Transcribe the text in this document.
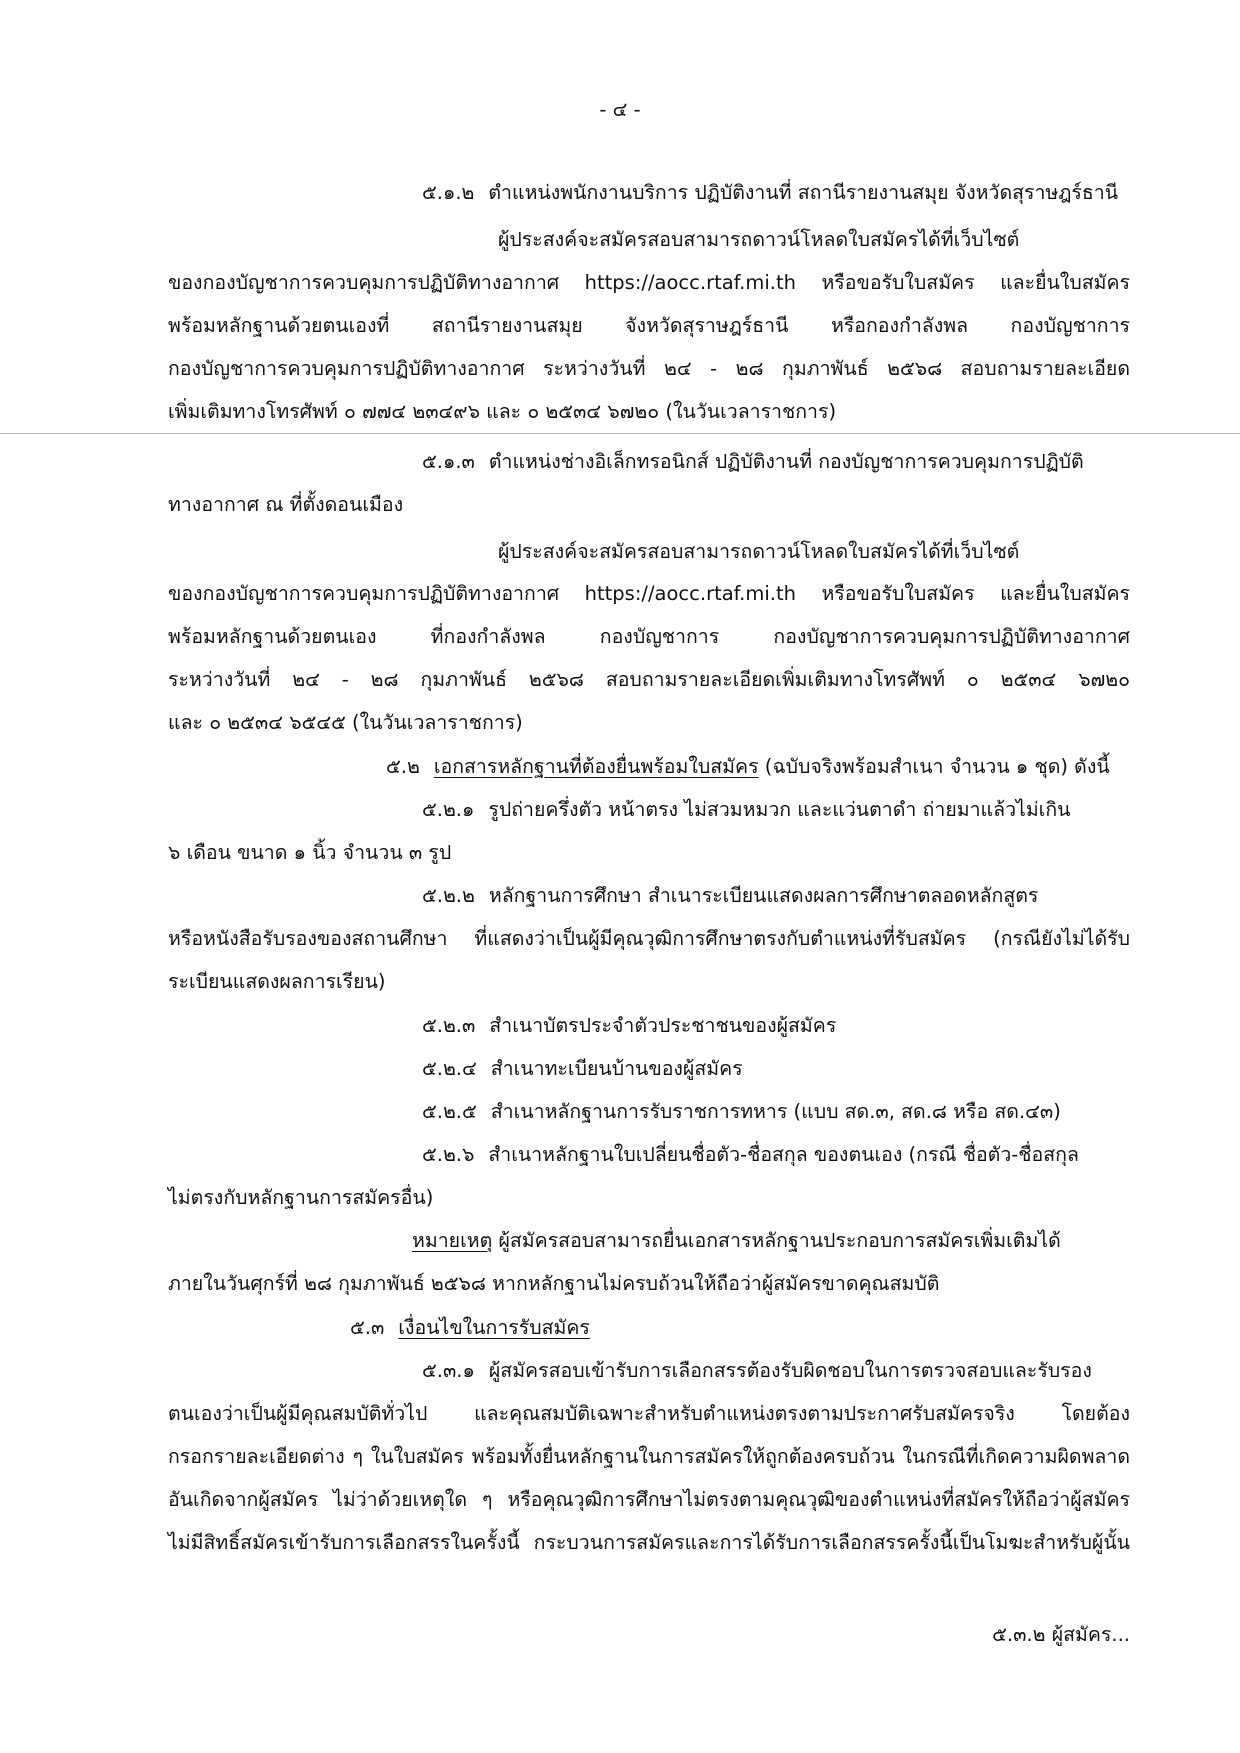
- ๔ -
๕.๑.๒ ตำแหน่งพนักงานบริการ ปฏิบัติงานที่ สถานีรายงานสมุย จังหวัดสุราษฎร์ธานี
ผู้ประสงค์จะสมัครสอบสามารถดาวน์โหลดใบสมัครได้ที่เว็บไซต์
ของกองบัญชาการควบคุมการปฏิบัติทางอากาศ https://aocc.rtaf.mi.th หรือขอรับใบสมัคร และยื่นใบสมัคร
พร้อมหลักฐานด้วยตนเองที่ สถานีรายงานสมุย จังหวัดสุราษฎร์ธานี หรือกองกำลังพล กองบัญชาการ
กองบัญชาการควบคุมการปฏิบัติทางอากาศ ระหว่างวันที่ ๒๔ - ๒๘ กุมภาพันธ์ ๒๕๖๘ สอบถามรายละเอียด
เพิ่มเติมทางโทรศัพท์ ๐ ๗๗๔ ๒๓๔๙๖ และ ๐ ๒๕๓๔ ๖๗๒๐ (ในวันเวลาราชการ)
๕.๑.๓ ตำแหน่งช่างอิเล็กทรอนิกส์ ปฏิบัติงานที่ กองบัญชาการควบคุมการปฏิบัติ
ทางอากาศ ณ ที่ตั้งดอนเมือง
ผู้ประสงค์จะสมัครสอบสามารถดาวน์โหลดใบสมัครได้ที่เว็บไซต์
ของกองบัญชาการควบคุมการปฏิบัติทางอากาศ https://aocc.rtaf.mi.th หรือขอรับใบสมัคร และยื่นใบสมัคร
พร้อมหลักฐานด้วยตนเอง ที่กองกำลังพล กองบัญชาการ กองบัญชาการควบคุมการปฏิบัติทางอากาศ
ระหว่างวันที่ ๒๔ - ๒๘ กุมภาพันธ์ ๒๕๖๘ สอบถามรายละเอียดเพิ่มเติมทางโทรศัพท์ ๐ ๒๕๓๔ ๖๗๒๐
และ ๐ ๒๕๓๔ ๖๕๔๕ (ในวันเวลาราชการ)
๕.๒ เอกสารหลักฐานที่ต้องยื่นพร้อมใบสมัคร (ฉบับจริงพร้อมสำเนา จำนวน ๑ ชุด) ดังนี้
๕.๒.๑ รูปถ่ายครึ่งตัว หน้าตรง ไม่สวมหมวก และแว่นตาดำ ถ่ายมาแล้วไม่เกิน
๖ เดือน ขนาด ๑ นิ้ว จำนวน ๓ รูป
๕.๒.๒ หลักฐานการศึกษา สำเนาระเบียนแสดงผลการศึกษาตลอดหลักสูตร
หรือหนังสือรับรองของสถานศึกษา ที่แสดงว่าเป็นผู้มีคุณวุฒิการศึกษาตรงกับตำแหน่งที่รับสมัคร (กรณียังไม่ได้รับ
ระเบียนแสดงผลการเรียน)
๕.๒.๓ สำเนาบัตรประจำตัวประชาชนของผู้สมัคร
๕.๒.๔ สำเนาทะเบียนบ้านของผู้สมัคร
๕.๒.๕ สำเนาหลักฐานการรับราชการทหาร (แบบ สด.๓, สด.๘ หรือ สด.๔๓)
๕.๒.๖ สำเนาหลักฐานใบเปลี่ยนชื่อตัว-ชื่อสกุล ของตนเอง (กรณี ชื่อตัว-ชื่อสกุล
ไม่ตรงกับหลักฐานการสมัครอื่น)
หมายเหตุ ผู้สมัครสอบสามารถยื่นเอกสารหลักฐานประกอบการสมัครเพิ่มเติมได้
ภายในวันศุกร์ที่ ๒๘ กุมภาพันธ์ ๒๕๖๘ หากหลักฐานไม่ครบถ้วนให้ถือว่าผู้สมัครขาดคุณสมบัติ
๕.๓ เงื่อนไขในการรับสมัคร
๕.๓.๑ ผู้สมัครสอบเข้ารับการเลือกสรรต้องรับผิดชอบในการตรวจสอบและรับรอง
ตนเองว่าเป็นผู้มีคุณสมบัติทั่วไป และคุณสมบัติเฉพาะสำหรับตำแหน่งตรงตามประกาศรับสมัครจริง โดยต้อง
กรอกรายละเอียดต่าง ๆ ในใบสมัคร พร้อมทั้งยื่นหลักฐานในการสมัครให้ถูกต้องครบถ้วน ในกรณีที่เกิดความผิดพลาด
อันเกิดจากผู้สมัคร ไม่ว่าด้วยเหตุใด ๆ หรือคุณวุฒิการศึกษาไม่ตรงตามคุณวุฒิของตำแหน่งที่สมัครให้ถือว่าผู้สมัคร
ไม่มีสิทธิ์สมัครเข้ารับการเลือกสรรในครั้งนี้ กระบวนการสมัครและการได้รับการเลือกสรรครั้งนี้เป็นโมฆะสำหรับผู้นั้น
๕.๓.๒ ผู้สมัคร...
